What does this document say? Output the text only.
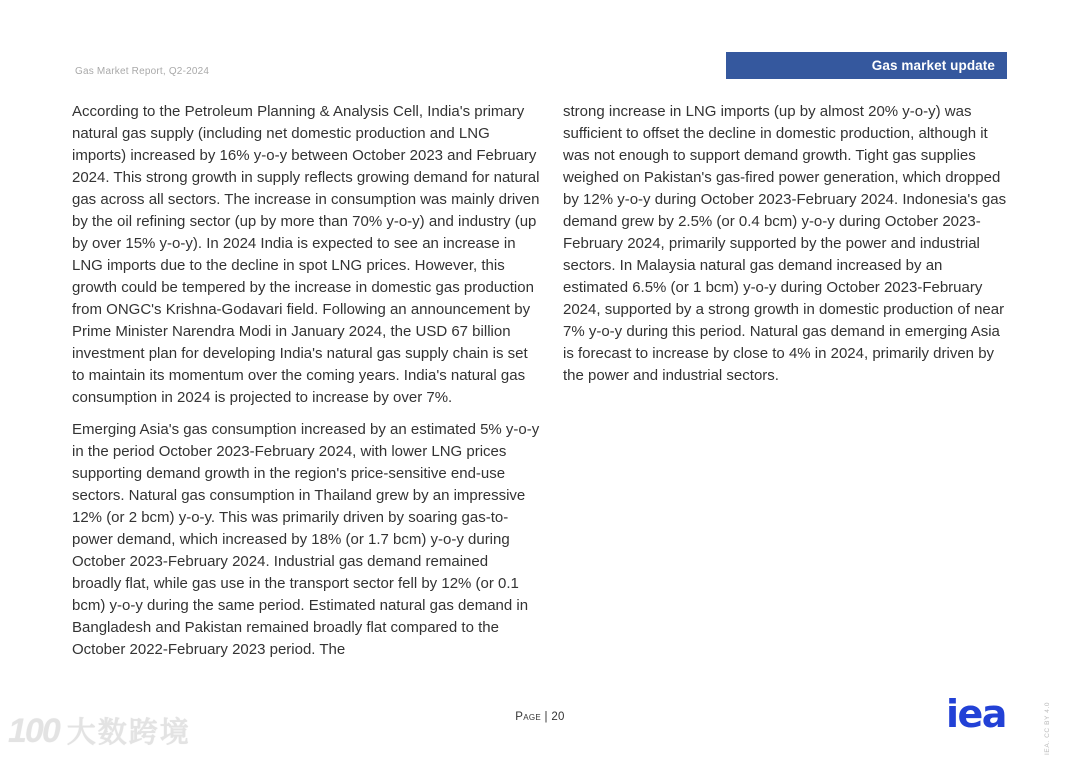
Gas Market Report, Q2-2024	Gas market update

According to the Petroleum Planning & Analysis Cell, India's primary natural gas supply (including net domestic production and LNG imports) increased by 16% y-o-y between October 2023 and February 2024. This strong growth in supply reflects growing demand for natural gas across all sectors. The increase in consumption was mainly driven by the oil refining sector (up by more than 70% y-o-y) and industry (up by over 15% y-o-y). In 2024 India is expected to see an increase in LNG imports due to the decline in spot LNG prices. However, this growth could be tempered by the increase in domestic gas production from ONGC's Krishna-Godavari field. Following an announcement by Prime Minister Narendra Modi in January 2024, the USD 67 billion investment plan for developing India's natural gas supply chain is set to maintain its momentum over the coming years. India's natural gas consumption in 2024 is projected to increase by over 7%.

Emerging Asia's gas consumption increased by an estimated 5% y-o-y in the period October 2023-February 2024, with lower LNG prices supporting demand growth in the region's price-sensitive end-use sectors. Natural gas consumption in Thailand grew by an impressive 12% (or 2 bcm) y-o-y. This was primarily driven by soaring gas-to-power demand, which increased by 18% (or 1.7 bcm) y-o-y during October 2023-February 2024. Industrial gas demand remained broadly flat, while gas use in the transport sector fell by 12% (or 0.1 bcm) y-o-y during the same period. Estimated natural gas demand in Bangladesh and Pakistan remained broadly flat compared to the October 2022-February 2023 period. The

strong increase in LNG imports (up by almost 20% y-o-y) was sufficient to offset the decline in domestic production, although it was not enough to support demand growth. Tight gas supplies weighed on Pakistan's gas-fired power generation, which dropped by 12% y-o-y during October 2023-February 2024. Indonesia's gas demand grew by 2.5% (or 0.4 bcm) y-o-y during October 2023-February 2024, primarily supported by the power and industrial sectors. In Malaysia natural gas demand increased by an estimated 6.5% (or 1 bcm) y-o-y during October 2023-February 2024, supported by a strong growth in domestic production of near 7% y-o-y during this period. Natural gas demand in emerging Asia is forecast to increase by close to 4% in 2024, primarily driven by the power and industrial sectors.

Page | 20	iea	IEA. CC BY 4.0
100 大数跨境
